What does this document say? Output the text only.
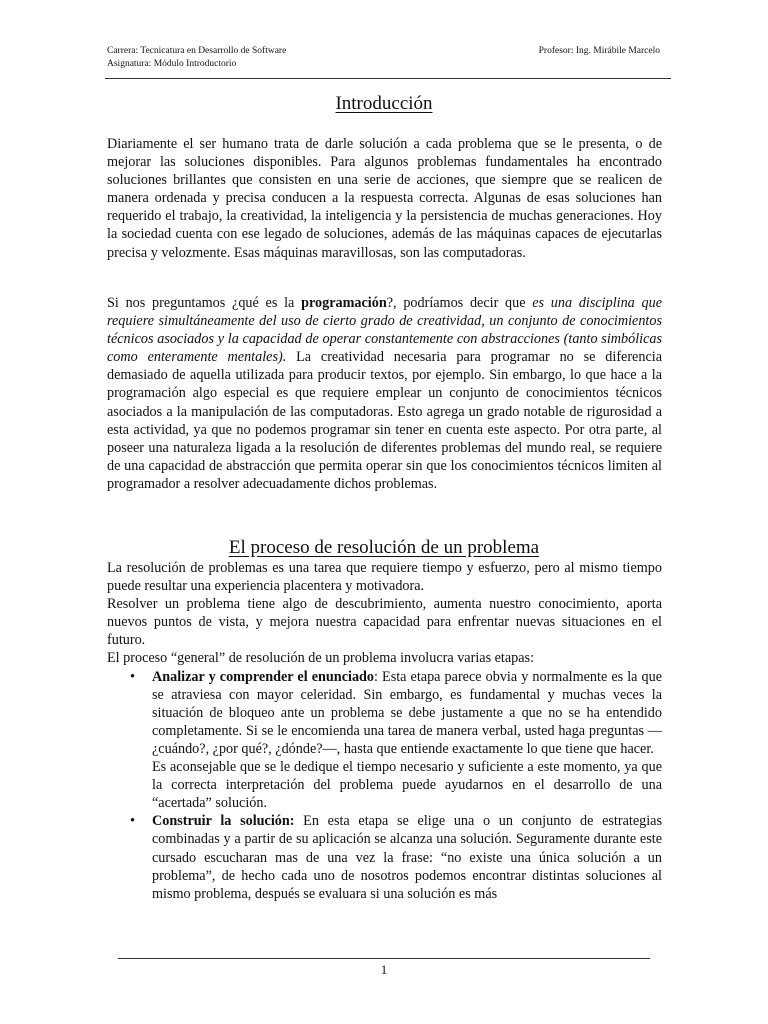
Carrera: Tecnicatura en Desarrollo de Software	Profesor: Ing. Mirábile Marcelo
Asignatura: Módulo Introductorio
Introducción

Diariamente el ser humano trata de darle solución a cada problema que se le presenta, o de mejorar las soluciones disponibles. Para algunos problemas fundamentales ha encontrado soluciones brillantes que consisten en una serie de acciones, que siempre que se realicen de manera ordenada y precisa conducen a la respuesta correcta. Algunas de esas soluciones han requerido el trabajo, la creatividad, la inteligencia y la persistencia de muchas generaciones. Hoy la sociedad cuenta con ese legado de soluciones, además de las máquinas capaces de ejecutarlas precisa y velozmente. Esas máquinas maravillosas, son las computadoras.

Si nos preguntamos ¿qué es la programación?, podríamos decir que es una disciplina que requiere simultáneamente del uso de cierto grado de creatividad, un conjunto de conocimientos técnicos asociados y la capacidad de operar constantemente con abstracciones (tanto simbólicas como enteramente mentales). La creatividad necesaria para programar no se diferencia demasiado de aquella utilizada para producir textos, por ejemplo. Sin embargo, lo que hace a la programación algo especial es que requiere emplear un conjunto de conocimientos técnicos asociados a la manipulación de las computadoras. Esto agrega un grado notable de rigurosidad a esta actividad, ya que no podemos programar sin tener en cuenta este aspecto. Por otra parte, al poseer una naturaleza ligada a la resolución de diferentes problemas del mundo real, se requiere de una capacidad de abstracción que permita operar sin que los conocimientos técnicos limiten al programador a resolver adecuadamente dichos problemas.

El proceso de resolución de un problema

La resolución de problemas es una tarea que requiere tiempo y esfuerzo, pero al mismo tiempo puede resultar una experiencia placentera y motivadora.

Resolver un problema tiene algo de descubrimiento, aumenta nuestro conocimiento, aporta nuevos puntos de vista, y mejora nuestra capacidad para enfrentar nuevas situaciones en el futuro.

El proceso “general” de resolución de un problema involucra varias etapas:

• Analizar y comprender el enunciado: Esta etapa parece obvia y normalmente es la que se atraviesa con mayor celeridad. Sin embargo, es fundamental y muchas veces la situación de bloqueo ante un problema se debe justamente a que no se ha entendido completamente. Si se le encomienda una tarea de manera verbal, usted haga preguntas —¿cuándo?, ¿por qué?, ¿dónde?—, hasta que entiende exactamente lo que tiene que hacer.
Es aconsejable que se le dedique el tiempo necesario y suficiente a este momento, ya que la correcta interpretación del problema puede ayudarnos en el desarrollo de una “acertada” solución.
• Construir la solución: En esta etapa se elige una o un conjunto de estrategias combinadas y a partir de su aplicación se alcanza una solución. Seguramente durante este cursado escucharan mas de una vez la frase: “no existe una única solución a un problema”, de hecho cada uno de nosotros podemos encontrar distintas soluciones al mismo problema, después se evaluara si una solución es más
1
